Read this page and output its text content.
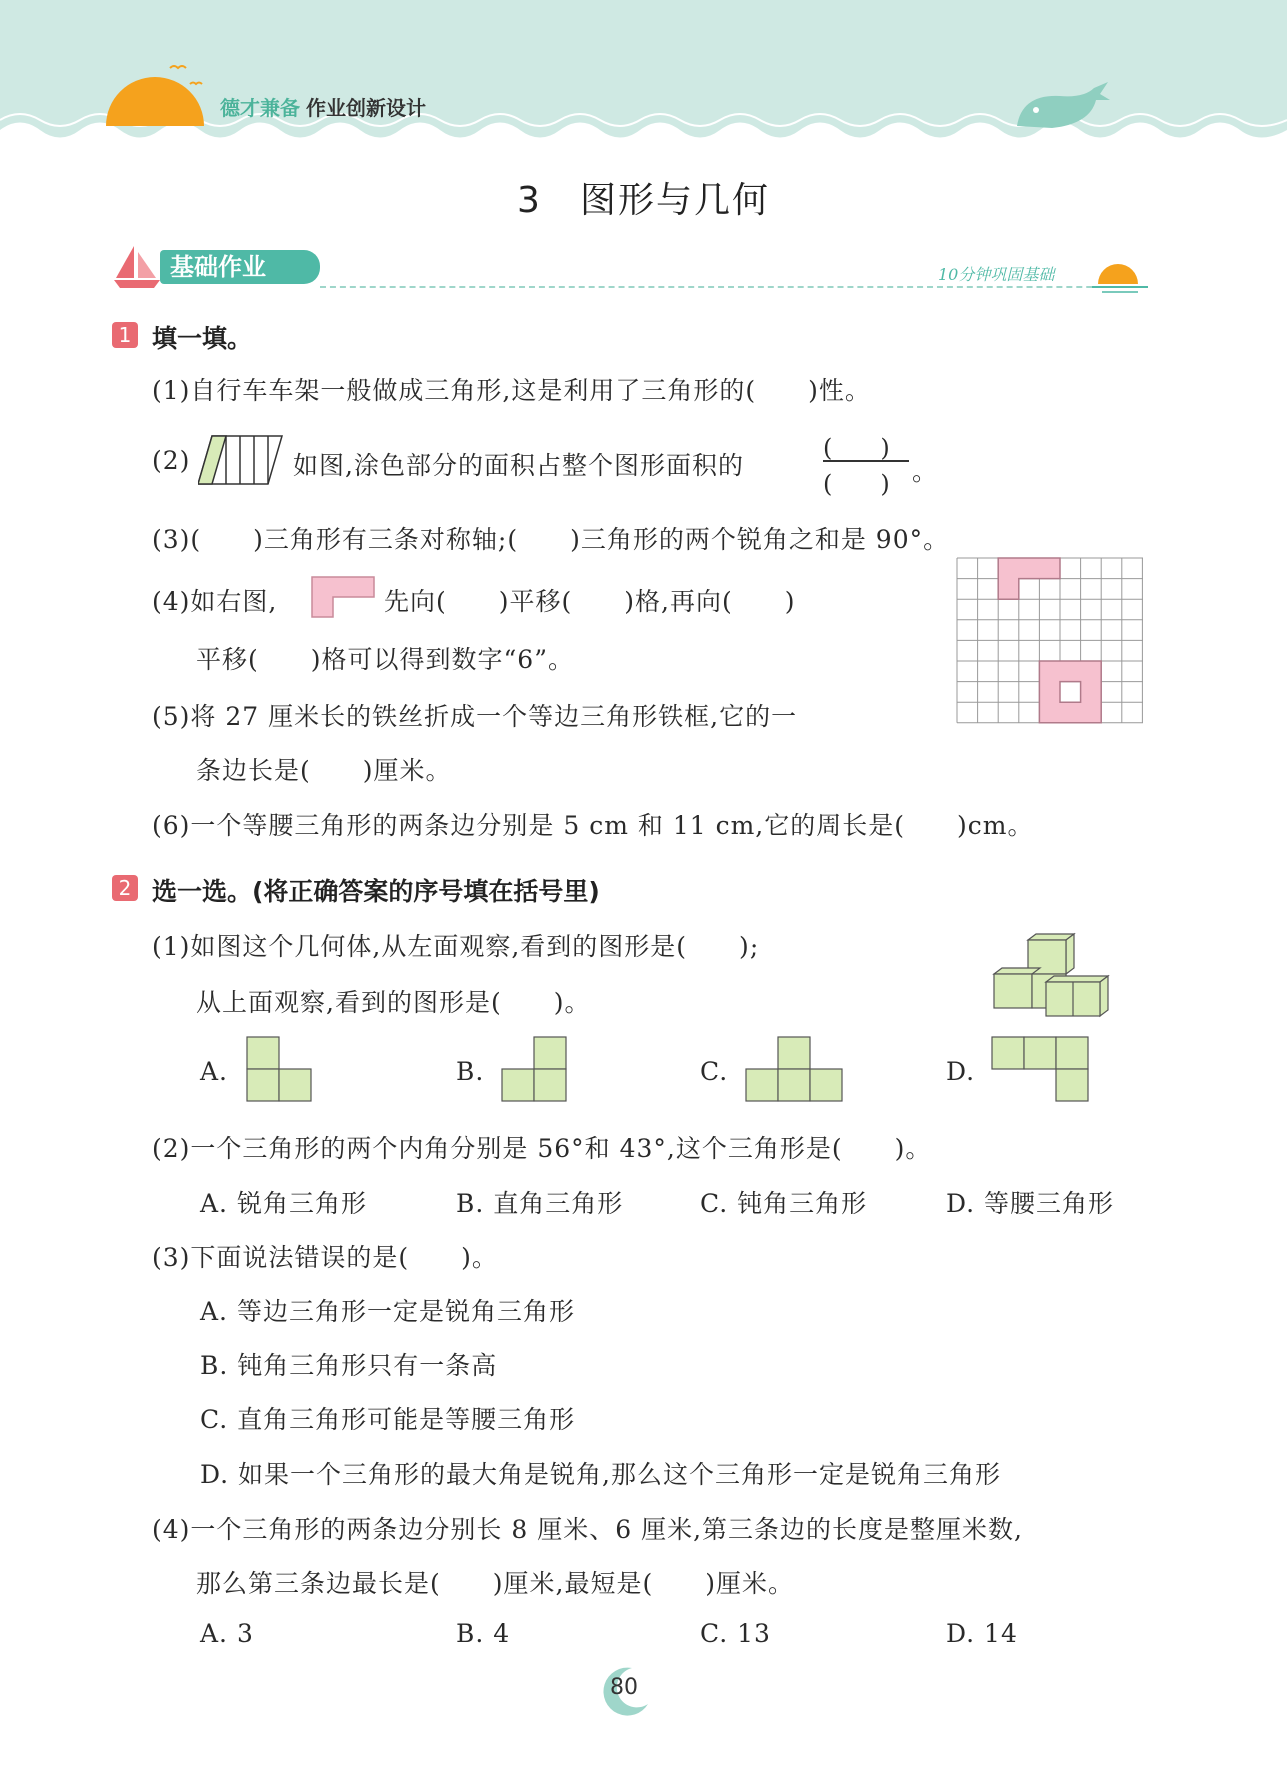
德才兼备 作业创新设计
3　图形与几何
基础作业	10分钟巩固基础
1 填一填。
(1)自行车车架一般做成三角形,这是利用了三角形的(　　)性。
(2)	如图,涂色部分的面积占整个图形面积的
(　　)
(　　) 。
(3)(　　)三角形有三条对称轴;(　　)三角形的两个锐角之和是 90°。
(4)如右图,	先向(　　)平移(　　)格,再向(　　)
平移(　　)格可以得到数字“6”。
(5)将 27 厘米长的铁丝折成一个等边三角形铁框,它的一
条边长是(　　)厘米。
(6)一个等腰三角形的两条边分别是 5 cm 和 11 cm,它的周长是(　　)cm。
2 选一选。(将正确答案的序号填在括号里)
(1)如图这个几何体,从左面观察,看到的图形是(　　);
从上面观察,看到的图形是(　　)。
A.	B.	C.	D.
(2)一个三角形的两个内角分别是 56°和 43°,这个三角形是(　　)。
A. 锐角三角形	B. 直角三角形	C. 钝角三角形	D. 等腰三角形
(3)下面说法错误的是(　　)。
A. 等边三角形一定是锐角三角形
B. 钝角三角形只有一条高
C. 直角三角形可能是等腰三角形
D. 如果一个三角形的最大角是锐角,那么这个三角形一定是锐角三角形
(4)一个三角形的两条边分别长 8 厘米、6 厘米,第三条边的长度是整厘米数,
那么第三条边最长是(　　)厘米,最短是(　　)厘米。
A. 3	B. 4	C. 13	D. 14
80
